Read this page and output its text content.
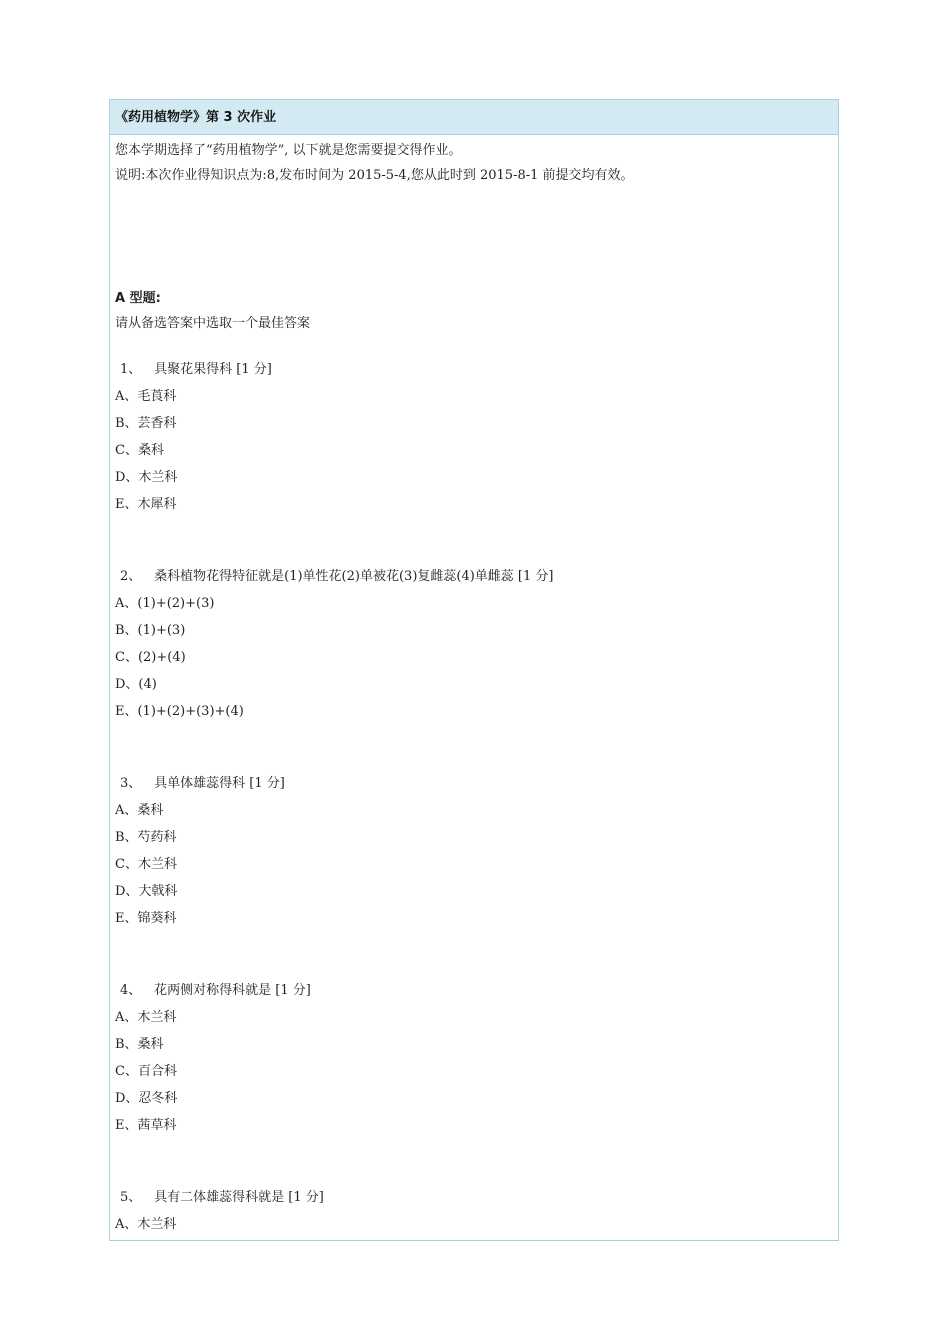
《药用植物学》第 3 次作业
您本学期选择了“药用植物学”, 以下就是您需要提交得作业。
说明:本次作业得知识点为:8,发布时间为 2015-5-4,您从此时到 2015-8-1 前提交均有效。
A 型题:
请从备选答案中选取一个最佳答案
1、 具聚花果得科 [1 分]
A、毛莨科
B、芸香科
C、桑科
D、木兰科
E、木犀科
2、 桑科植物花得特征就是(1)单性花(2)单被花(3)复雌蕊(4)单雌蕊 [1 分]
A、(1)+(2)+(3)
B、(1)+(3)
C、(2)+(4)
D、(4)
E、(1)+(2)+(3)+(4)
3、 具单体雄蕊得科 [1 分]
A、桑科
B、芍药科
C、木兰科
D、大戟科
E、锦葵科
4、 花两侧对称得科就是 [1 分]
A、木兰科
B、桑科
C、百合科
D、忍冬科
E、茜草科
5、 具有二体雄蕊得科就是 [1 分]
A、木兰科
